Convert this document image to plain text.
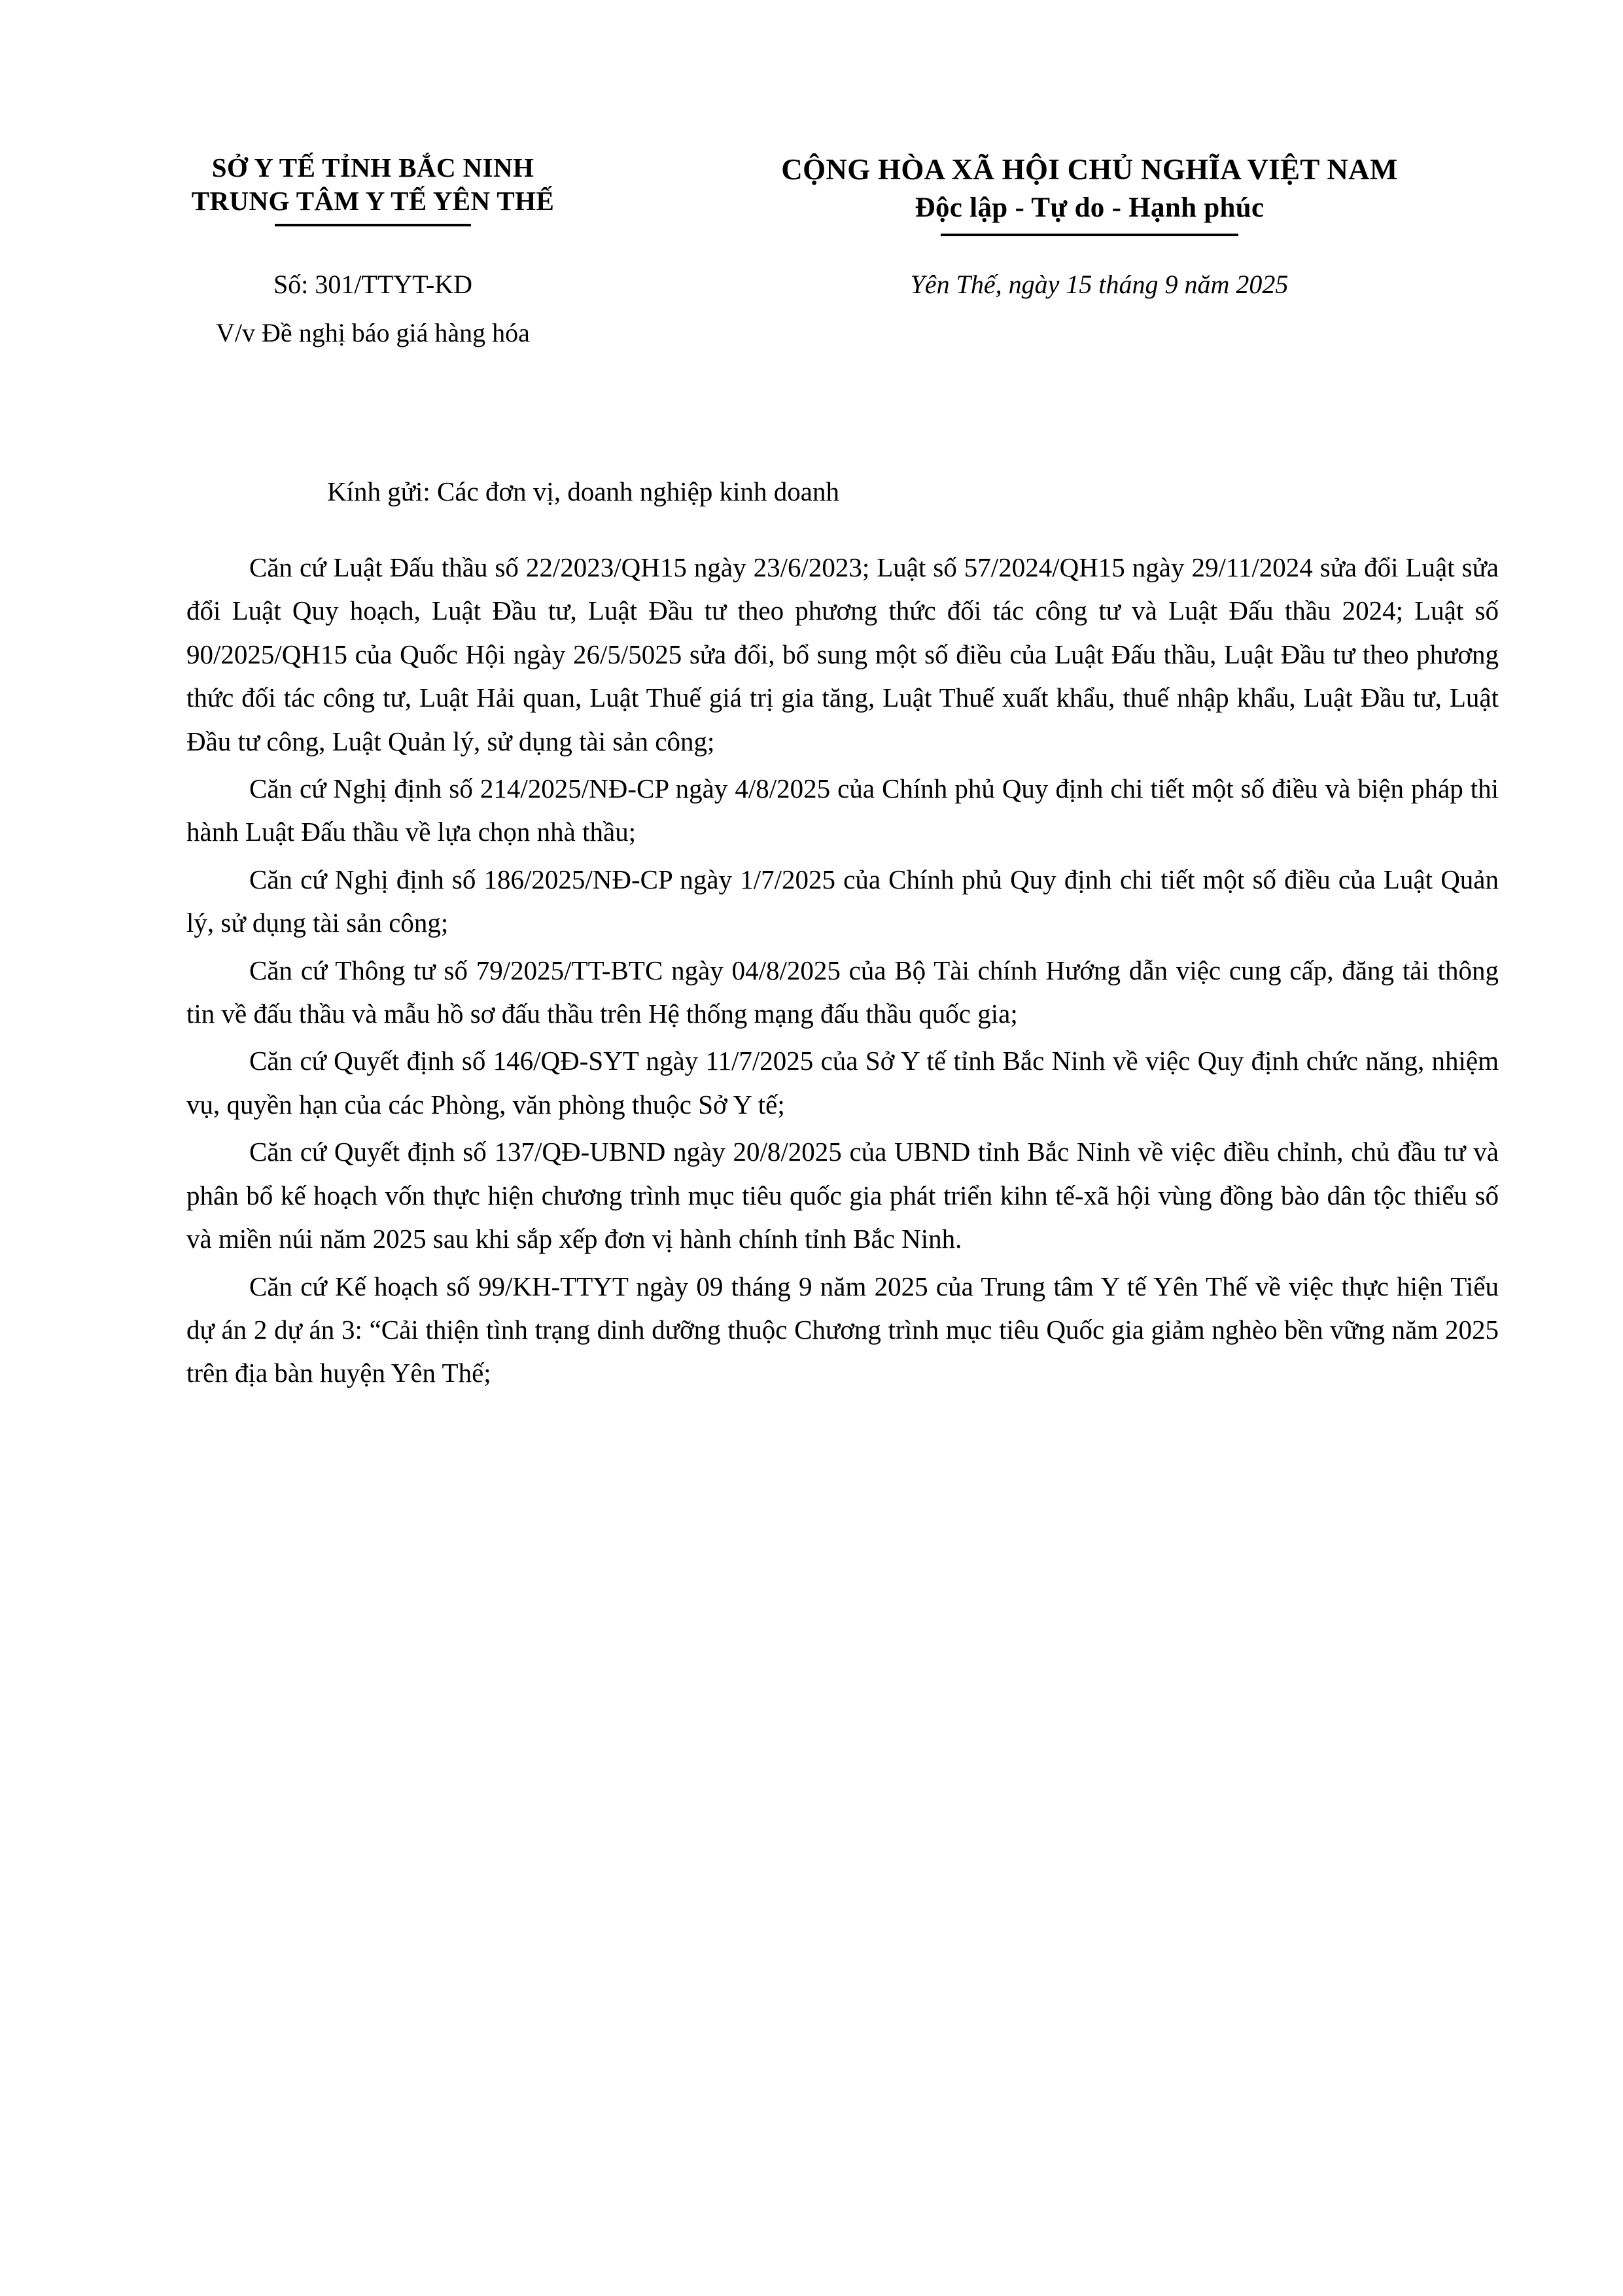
SỞ Y TẾ TỈNH BẮC NINH
TRUNG TÂM Y TẾ YÊN THẾ
CỘNG HÒA XÃ HỘI CHỦ NGHĨA VIỆT NAM
Độc lập - Tự do - Hạnh phúc
Số: 301/TTYT-KD
V/v Đề nghị báo giá hàng hóa
Yên Thế, ngày 15 tháng 9 năm 2025
Kính gửi: Các đơn vị, doanh nghiệp kinh doanh

Căn cứ Luật Đấu thầu số 22/2023/QH15 ngày 23/6/2023; Luật số 57/2024/QH15 ngày 29/11/2024 sửa đổi Luật sửa đổi Luật Quy hoạch, Luật Đầu tư, Luật Đầu tư theo phương thức đối tác công tư và Luật Đấu thầu 2024; Luật số 90/2025/QH15 của Quốc Hội ngày 26/5/5025 sửa đổi, bổ sung một số điều của Luật Đấu thầu, Luật Đầu tư theo phương thức đối tác công tư, Luật Hải quan, Luật Thuế giá trị gia tăng, Luật Thuế xuất khẩu, thuế nhập khẩu, Luật Đầu tư, Luật Đầu tư công, Luật Quản lý, sử dụng tài sản công;

Căn cứ Nghị định số 214/2025/NĐ-CP ngày 4/8/2025 của Chính phủ Quy định chi tiết một số điều và biện pháp thi hành Luật Đấu thầu về lựa chọn nhà thầu;

Căn cứ Nghị định số 186/2025/NĐ-CP ngày 1/7/2025 của Chính phủ Quy định chi tiết một số điều của Luật Quản lý, sử dụng tài sản công;

Căn cứ Thông tư số 79/2025/TT-BTC ngày 04/8/2025 của Bộ Tài chính Hướng dẫn việc cung cấp, đăng tải thông tin về đấu thầu và mẫu hồ sơ đấu thầu trên Hệ thống mạng đấu thầu quốc gia;

Căn cứ Quyết định số 146/QĐ-SYT ngày 11/7/2025 của Sở Y tế tỉnh Bắc Ninh về việc Quy định chức năng, nhiệm vụ, quyền hạn của các Phòng, văn phòng thuộc Sở Y tế;

Căn cứ Quyết định số 137/QĐ-UBND ngày 20/8/2025 của UBND tỉnh Bắc Ninh về việc điều chỉnh, chủ đầu tư và phân bổ kế hoạch vốn thực hiện chương trình mục tiêu quốc gia phát triển kihn tế-xã hội vùng đồng bào dân tộc thiểu số và miền núi năm 2025 sau khi sắp xếp đơn vị hành chính tỉnh Bắc Ninh.

Căn cứ Kế hoạch số 99/KH-TTYT ngày 09 tháng 9 năm 2025 của Trung tâm Y tế Yên Thế về việc thực hiện Tiểu dự án 2 dự án 3: “Cải thiện tình trạng dinh dưỡng thuộc Chương trình mục tiêu Quốc gia giảm nghèo bền vững năm 2025 trên địa bàn huyện Yên Thế;
